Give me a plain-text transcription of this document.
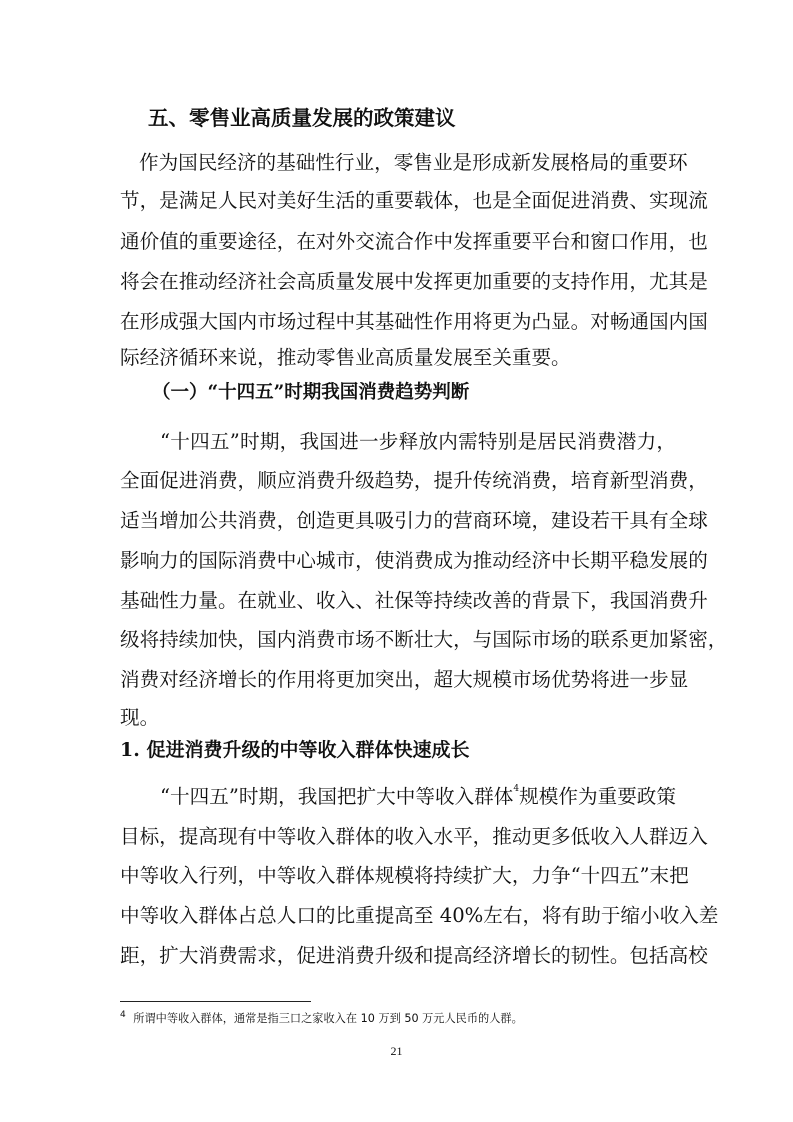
五、零售业高质量发展的政策建议
作为国民经济的基础性行业，零售业是形成新发展格局的重要环
节，是满足人民对美好生活的重要载体，也是全面促进消费、实现流
通价值的重要途径，在对外交流合作中发挥重要平台和窗口作用，也
将会在推动经济社会高质量发展中发挥更加重要的支持作用，尤其是
在形成强大国内市场过程中其基础性作用将更为凸显。对畅通国内国
际经济循环来说，推动零售业高质量发展至关重要。
（一）“十四五”时期我国消费趋势判断
“十四五”时期，我国进一步释放内需特别是居民消费潜力，
全面促进消费，顺应消费升级趋势，提升传统消费，培育新型消费，
适当增加公共消费，创造更具吸引力的营商环境，建设若干具有全球
影响力的国际消费中心城市，使消费成为推动经济中长期平稳发展的
基础性力量。在就业、收入、社保等持续改善的背景下，我国消费升
级将持续加快，国内消费市场不断壮大，与国际市场的联系更加紧密，
消费对经济增长的作用将更加突出，超大规模市场优势将进一步显
现。
1. 促进消费升级的中等收入群体快速成长
“十四五”时期，我国把扩大中等收入群体$^4$规模作为重要政策
目标，提高现有中等收入群体的收入水平，推动更多低收入人群迈入
中等收入行列，中等收入群体规模将持续扩大，力争“十四五”末把
中等收入群体占总人口的比重提高至 40%左右，将有助于缩小收入差
距，扩大消费需求，促进消费升级和提高经济增长的韧性。包括高校
$^4$ 所谓中等收入群体，通常是指三口之家收入在 10 万到 50 万元人民币的人群。
21
